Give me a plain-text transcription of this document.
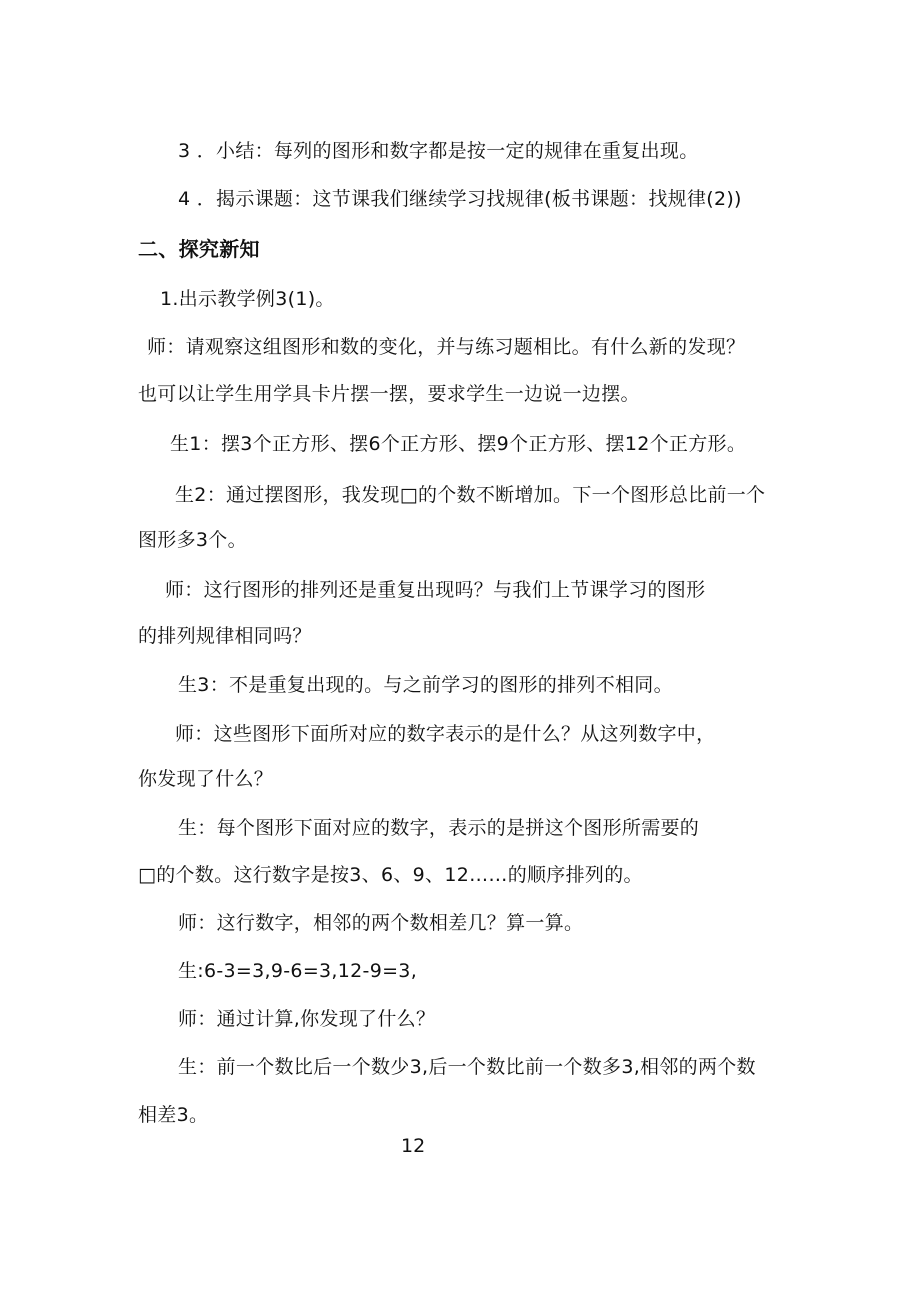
3 ．小结：每列的图形和数字都是按一定的规律在重复出现。
4 ．揭示课题：这节课我们继续学习找规律(板书课题：找规律(2))
二、探究新知
1.出示教学例3(1)。
师：请观察这组图形和数的变化，并与练习题相比。有什么新的发现？
也可以让学生用学具卡片摆一摆，要求学生一边说一边摆。
生1：摆3个正方形、摆6个正方形、摆9个正方形、摆12个正方形。
生2：通过摆图形，我发现□的个数不断增加。下一个图形总比前一个
图形多3个。
师：这行图形的排列还是重复出现吗？与我们上节课学习的图形
的排列规律相同吗？
生3：不是重复出现的。与之前学习的图形的排列不相同。
师：这些图形下面所对应的数字表示的是什么？从这列数字中，
你发现了什么？
生：每个图形下面对应的数字，表示的是拼这个图形所需要的
□的个数。这行数字是按3、6、9、12……的顺序排列的。
师：这行数字，相邻的两个数相差几？算一算。
生:6-3=3,9-6=3,12-9=3,
师：通过计算,你发现了什么？
生：前一个数比后一个数少3,后一个数比前一个数多3,相邻的两个数
相差3。
12
